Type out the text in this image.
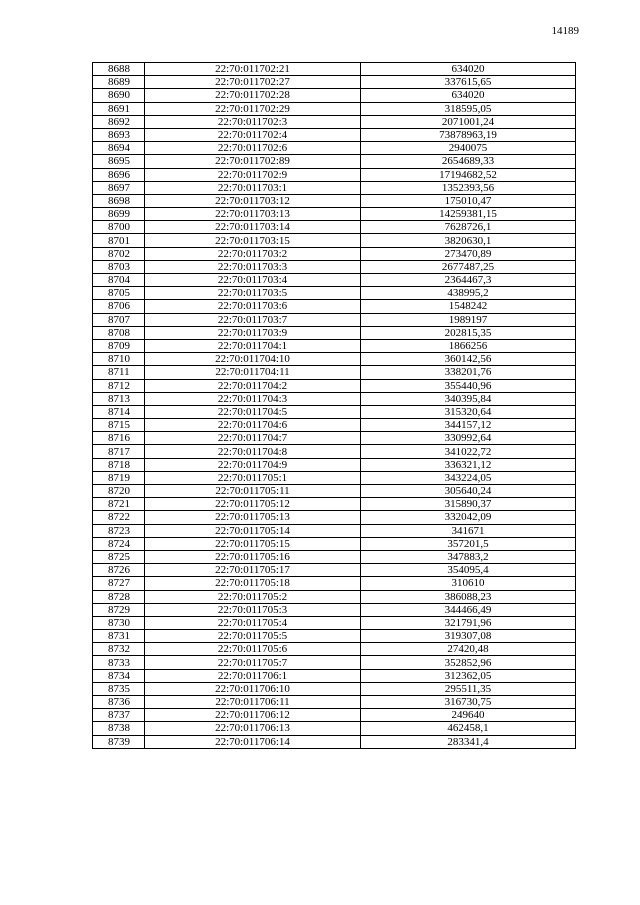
14189
8688	22:70:011702:21	634020
8689	22:70:011702:27	337615,65
8690	22:70:011702:28	634020
8691	22:70:011702:29	318595,05
8692	22:70:011702:3	2071001,24
8693	22:70:011702:4	73878963,19
8694	22:70:011702:6	2940075
8695	22:70:011702:89	2654689,33
8696	22:70:011702:9	17194682,52
8697	22:70:011703:1	1352393,56
8698	22:70:011703:12	175010,47
8699	22:70:011703:13	14259381,15
8700	22:70:011703:14	7628726,1
8701	22:70:011703:15	3820630,1
8702	22:70:011703:2	273470,89
8703	22:70:011703:3	2677487,25
8704	22:70:011703:4	2364467,3
8705	22:70:011703:5	438995,2
8706	22:70:011703:6	1548242
8707	22:70:011703:7	1989197
8708	22:70:011703:9	202815,35
8709	22:70:011704:1	1866256
8710	22:70:011704:10	360142,56
8711	22:70:011704:11	338201,76
8712	22:70:011704:2	355440,96
8713	22:70:011704:3	340395,84
8714	22:70:011704:5	315320,64
8715	22:70:011704:6	344157,12
8716	22:70:011704:7	330992,64
8717	22:70:011704:8	341022,72
8718	22:70:011704:9	336321,12
8719	22:70:011705:1	343224,05
8720	22:70:011705:11	305640,24
8721	22:70:011705:12	315890,37
8722	22:70:011705:13	332042,09
8723	22:70:011705:14	341671
8724	22:70:011705:15	357201,5
8725	22:70:011705:16	347883,2
8726	22:70:011705:17	354095,4
8727	22:70:011705:18	310610
8728	22:70:011705:2	386088,23
8729	22:70:011705:3	344466,49
8730	22:70:011705:4	321791,96
8731	22:70:011705:5	319307,08
8732	22:70:011705:6	27420,48
8733	22:70:011705:7	352852,96
8734	22:70:011706:1	312362,05
8735	22:70:011706:10	295511,35
8736	22:70:011706:11	316730,75
8737	22:70:011706:12	249640
8738	22:70:011706:13	462458,1
8739	22:70:011706:14	283341,4
